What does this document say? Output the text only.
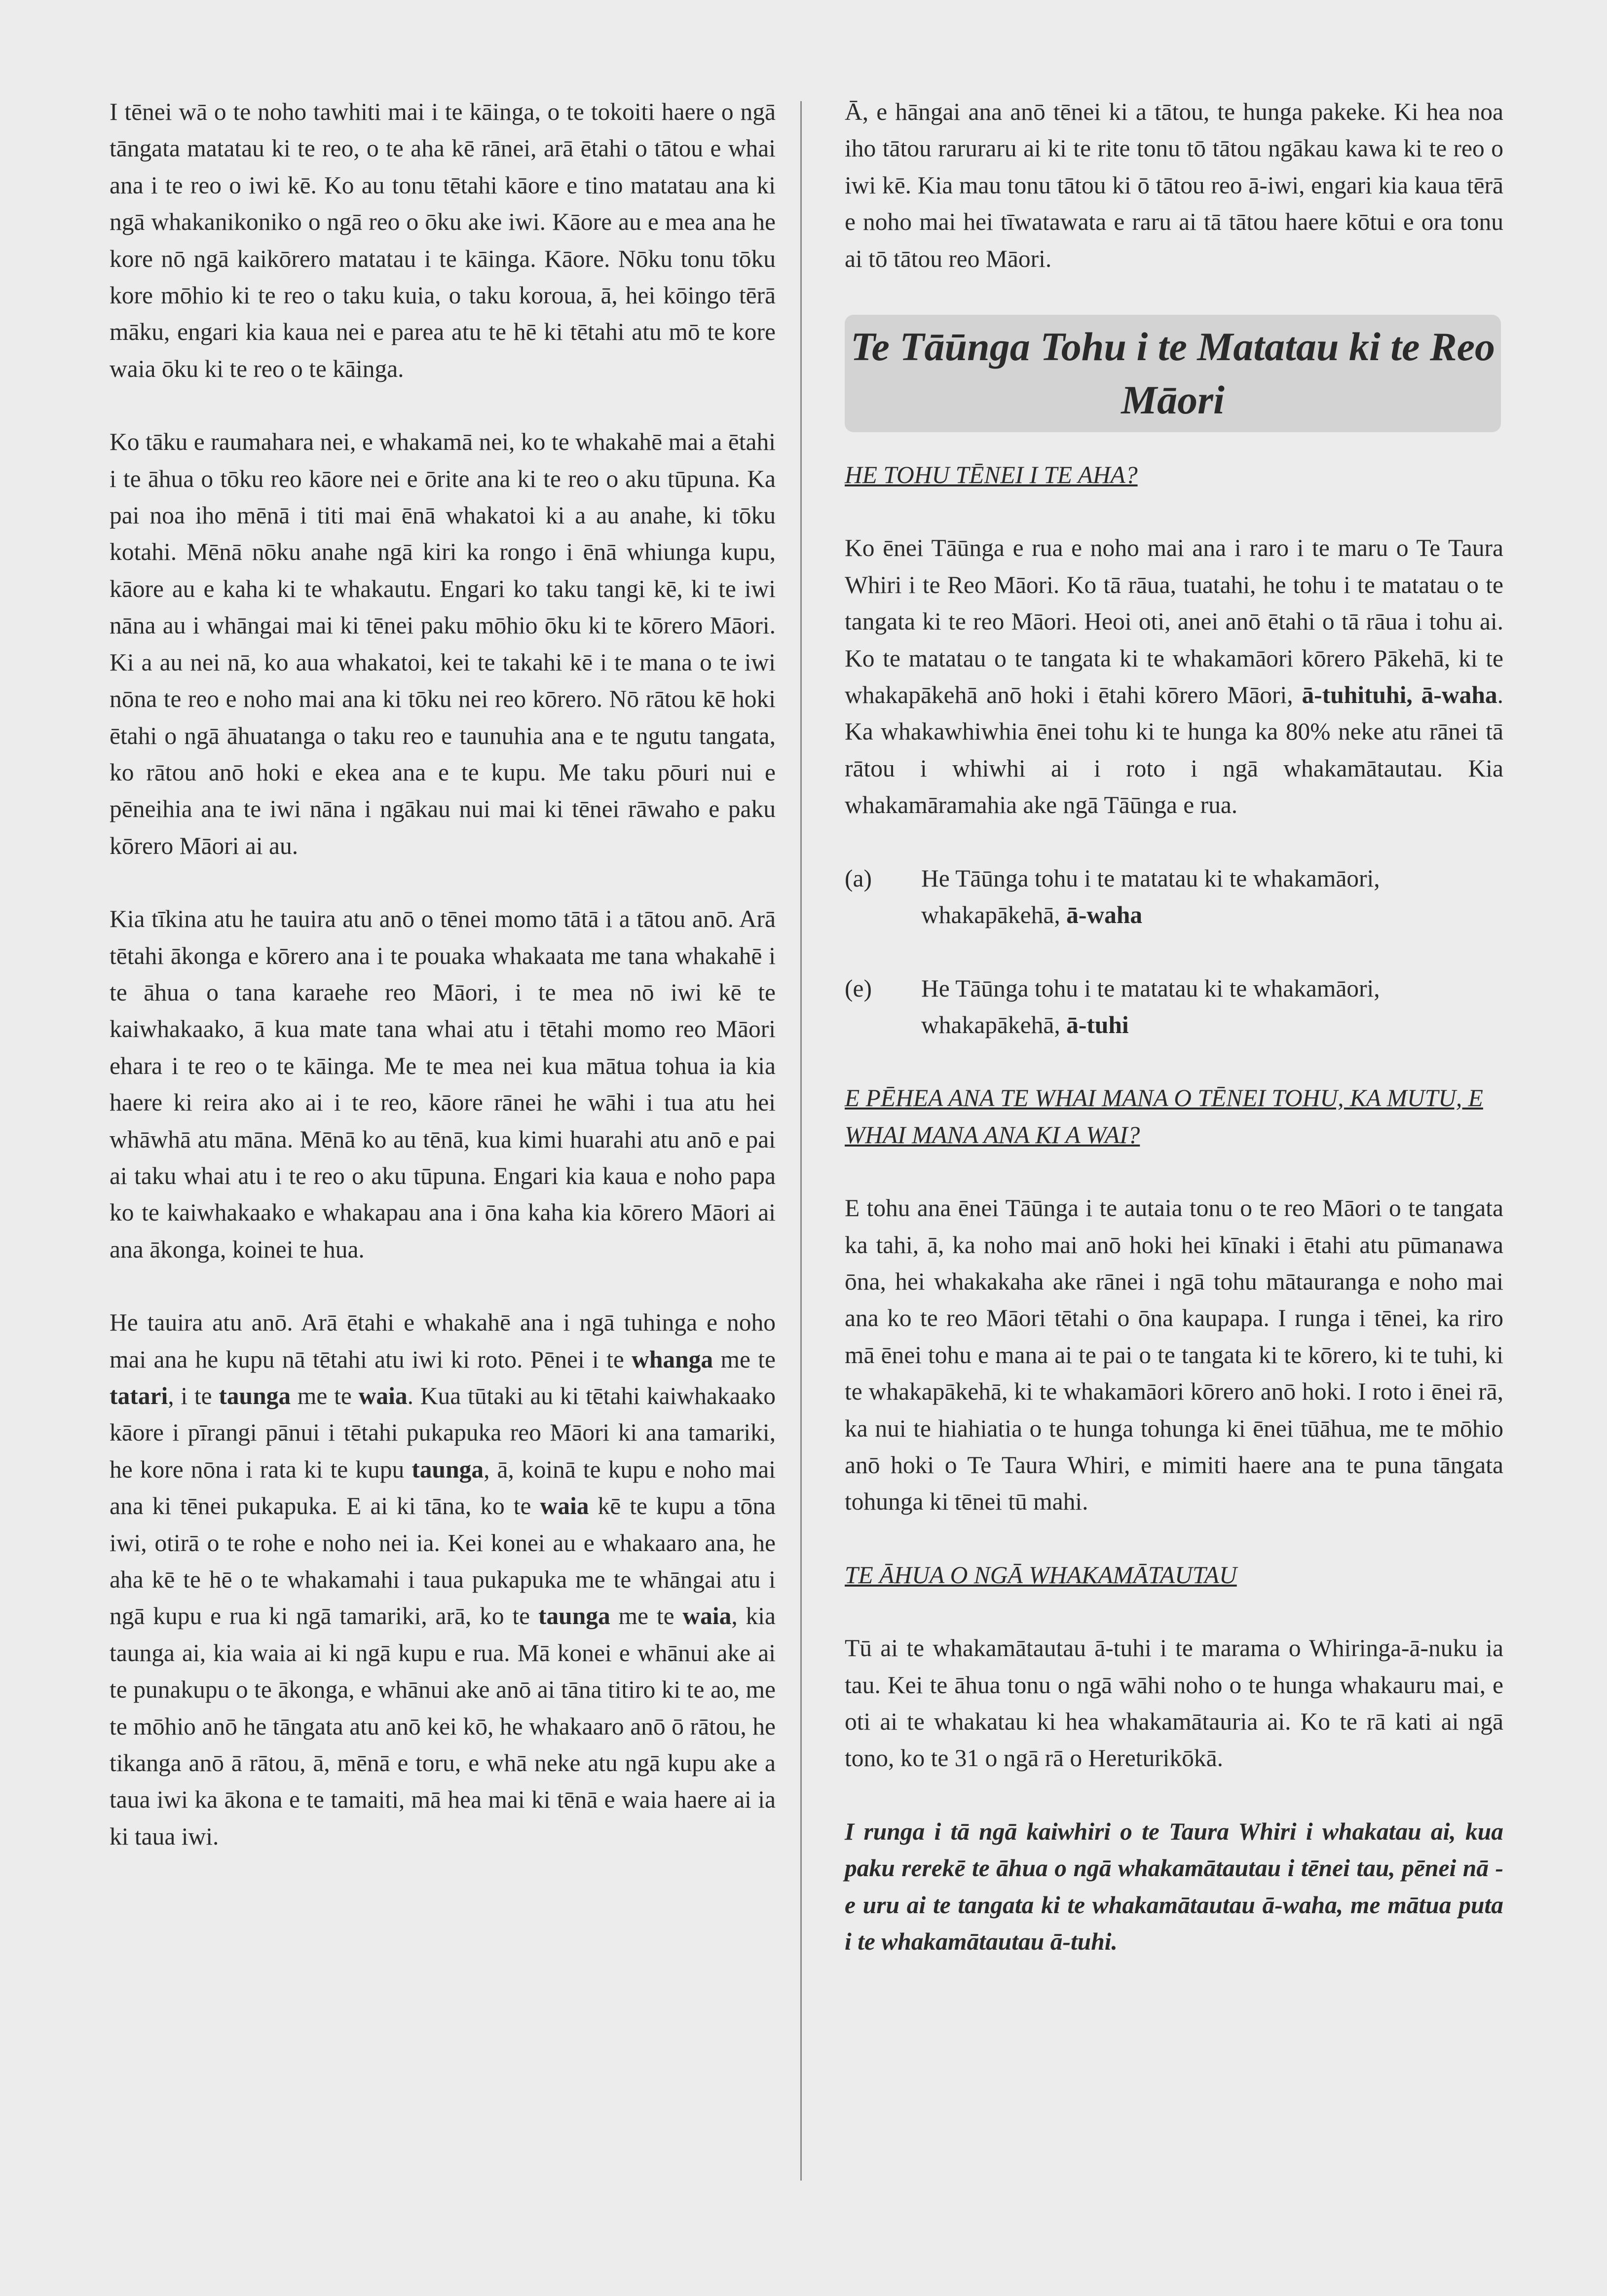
I tēnei wā o te noho tawhiti mai i te kāinga, o te tokoiti haere o ngā tāngata matatau ki te reo, o te aha kē rānei, arā ētahi o tātou e whai ana i te reo o iwi kē. Ko au tonu tētahi kāore e tino matatau ana ki ngā whakanikoniko o ngā reo o ōku ake iwi. Kāore au e mea ana he kore nō ngā kaikōrero matatau i te kāinga. Kāore. Nōku tonu tōku kore mōhio ki te reo o taku kuia, o taku koroua, ā, hei kōingo tērā māku, engari kia kaua nei e parea atu te hē ki tētahi atu mō te kore waia ōku ki te reo o te kāinga.

Ko tāku e raumahara nei, e whakamā nei, ko te whakahē mai a ētahi i te āhua o tōku reo kāore nei e ōrite ana ki te reo o aku tūpuna. Ka pai noa iho mēnā i titi mai ēnā whakatoi ki a au anahe, ki tōku kotahi. Mēnā nōku anahe ngā kiri ka rongo i ēnā whiunga kupu, kāore au e kaha ki te whakautu. Engari ko taku tangi kē, ki te iwi nāna au i whāngai mai ki tēnei paku mōhio ōku ki te kōrero Māori. Ki a au nei nā, ko aua whakatoi, kei te takahi kē i te mana o te iwi nōna te reo e noho mai ana ki tōku nei reo kōrero. Nō rātou kē hoki ētahi o ngā āhuatanga o taku reo e taunuhia ana e te ngutu tangata, ko rātou anō hoki e ekea ana e te kupu. Me taku pōuri nui e pēneihia ana te iwi nāna i ngākau nui mai ki tēnei rāwaho e paku kōrero Māori ai au.

Kia tīkina atu he tauira atu anō o tēnei momo tātā i a tātou anō. Arā tētahi ākonga e kōrero ana i te pouaka whakaata me tana whakahē i te āhua o tana karaehe reo Māori, i te mea nō iwi kē te kaiwhakaako, ā kua mate tana whai atu i tētahi momo reo Māori ehara i te reo o te kāinga. Me te mea nei kua mātua tohua ia kia haere ki reira ako ai i te reo, kāore rānei he wāhi i tua atu hei whāwhā atu māna. Mēnā ko au tēnā, kua kimi huarahi atu anō e pai ai taku whai atu i te reo o aku tūpuna. Engari kia kaua e noho papa ko te kaiwhakaako e whakapau ana i ōna kaha kia kōrero Māori ai ana ākonga, koinei te hua.

He tauira atu anō. Arā ētahi e whakahē ana i ngā tuhinga e noho mai ana he kupu nā tētahi atu iwi ki roto. Pēnei i te whanga me te tatari, i te taunga me te waia. Kua tūtaki au ki tētahi kaiwhakaako kāore i pīrangi pānui i tētahi pukapuka reo Māori ki ana tamariki, he kore nōna i rata ki te kupu taunga, ā, koinā te kupu e noho mai ana ki tēnei pukapuka. E ai ki tāna, ko te waia kē te kupu a tōna iwi, otirā o te rohe e noho nei ia. Kei konei au e whakaaro ana, he aha kē te hē o te whakamahi i taua pukapuka me te whāngai atu i ngā kupu e rua ki ngā tamariki, arā, ko te taunga me te waia, kia taunga ai, kia waia ai ki ngā kupu e rua. Mā konei e whānui ake ai te punakupu o te ākonga, e whānui ake anō ai tāna titiro ki te ao, me te mōhio anō he tāngata atu anō kei kō, he whakaaro anō ō rātou, he tikanga anō ā rātou, ā, mēnā e toru, e whā neke atu ngā kupu ake a taua iwi ka ākona e te tamaiti, mā hea mai ki tēnā e waia haere ai ia ki taua iwi.

Ā, e hāngai ana anō tēnei ki a tātou, te hunga pakeke. Ki hea noa iho tātou raruraru ai ki te rite tonu tō tātou ngākau kawa ki te reo o iwi kē. Kia mau tonu tātou ki ō tātou reo ā-iwi, engari kia kaua tērā e noho mai hei tīwatawata e raru ai tā tātou haere kōtui e ora tonu ai tō tātou reo Māori.

Te Tāūnga Tohu i te Matatau ki te Reo Māori

HE TOHU TĒNEI I TE AHA?

Ko ēnei Tāūnga e rua e noho mai ana i raro i te maru o Te Taura Whiri i te Reo Māori. Ko tā rāua, tuatahi, he tohu i te matatau o te tangata ki te reo Māori. Heoi oti, anei anō ētahi o tā rāua i tohu ai. Ko te matatau o te tangata ki te whakamāori kōrero Pākehā, ki te whakapākehā anō hoki i ētahi kōrero Māori, ā-tuhituhi, ā-waha. Ka whakawhiwhia ēnei tohu ki te hunga ka 80% neke atu rānei tā rātou i whiwhi ai i roto i ngā whakamātautau. Kia whakamāramahia ake ngā Tāūnga e rua.

(a)	He Tāūnga tohu i te matatau ki te whakamāori, whakapākehā, ā-waha
(e)	He Tāūnga tohu i te matatau ki te whakamāori, whakapākehā, ā-tuhi

E PĒHEA ANA TE WHAI MANA O TĒNEI TOHU, KA MUTU, E WHAI MANA ANA KI A WAI?

E tohu ana ēnei Tāūnga i te autaia tonu o te reo Māori o te tangata ka tahi, ā, ka noho mai anō hoki hei kīnaki i ētahi atu pūmanawa ōna, hei whakakaha ake rānei i ngā tohu mātauranga e noho mai ana ko te reo Māori tētahi o ōna kaupapa. I runga i tēnei, ka riro mā ēnei tohu e mana ai te pai o te tangata ki te kōrero, ki te tuhi, ki te whakapākehā, ki te whakamāori kōrero anō hoki. I roto i ēnei rā, ka nui te hiahiatia o te hunga tohunga ki ēnei tūāhua, me te mōhio anō hoki o Te Taura Whiri, e mimiti haere ana te puna tāngata tohunga ki tēnei tū mahi.

TE ĀHUA O NGĀ WHAKAMĀTAUTAU

Tū ai te whakamātautau ā-tuhi i te marama o Whiringa-ā-nuku ia tau. Kei te āhua tonu o ngā wāhi noho o te hunga whakauru mai, e oti ai te whakatau ki hea whakamātauria ai. Ko te rā kati ai ngā tono, ko te 31 o ngā rā o Hereturikōkā.

I runga i tā ngā kaiwhiri o te Taura Whiri i whakatau ai, kua paku rerekē te āhua o ngā whakamātautau i tēnei tau, pēnei nā - e uru ai te tangata ki te whakamātautau ā-waha, me mātua puta i te whakamātautau ā-tuhi.
